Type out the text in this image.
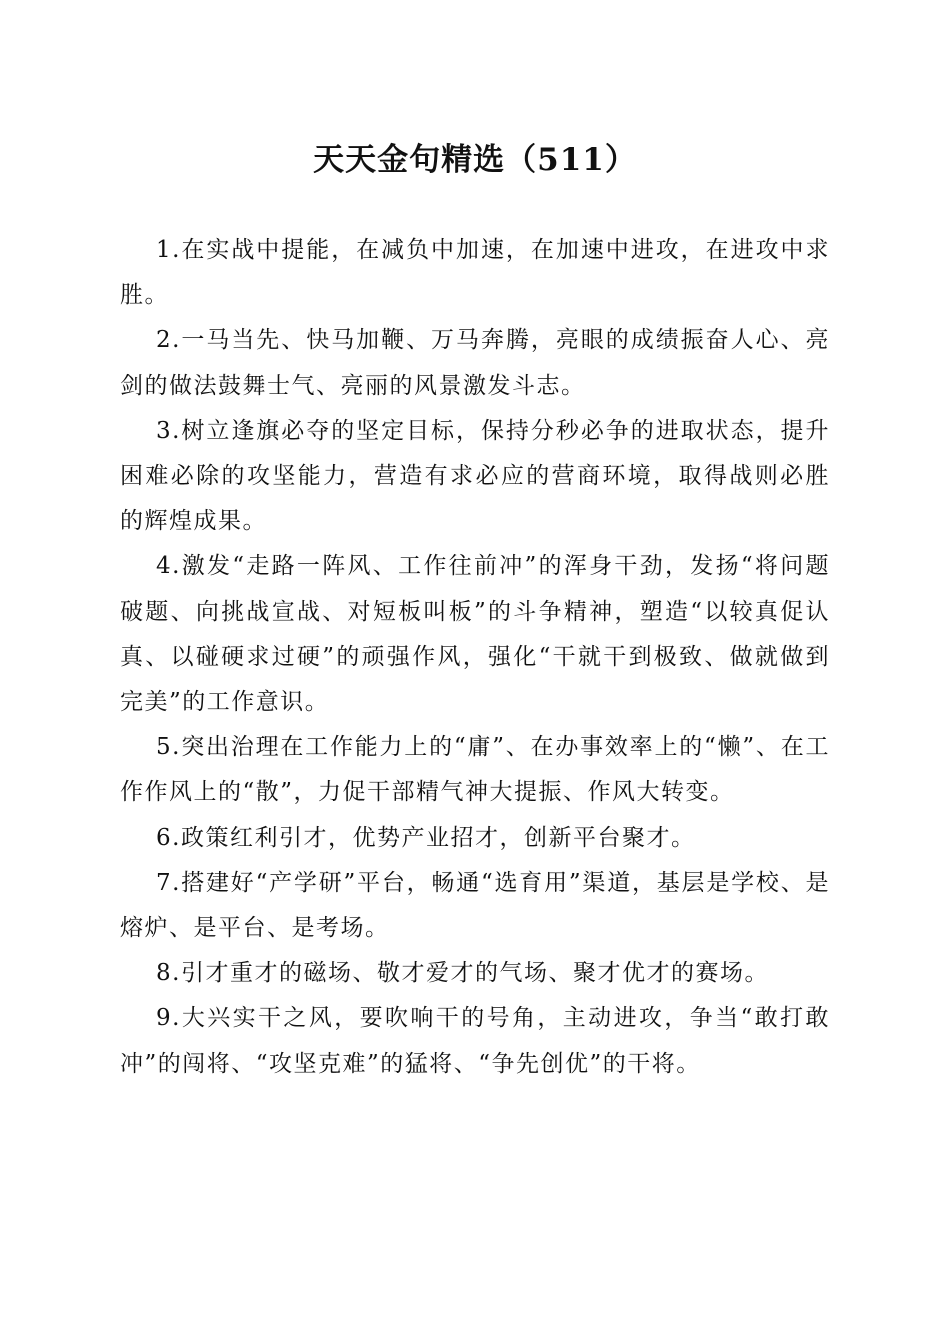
天天金句精选（511）

1.在实战中提能，在减负中加速，在加速中进攻，在进攻中求胜。

2.一马当先、快马加鞭、万马奔腾，亮眼的成绩振奋人心、亮剑的做法鼓舞士气、亮丽的风景激发斗志。

3.树立逢旗必夺的坚定目标，保持分秒必争的进取状态，提升困难必除的攻坚能力，营造有求必应的营商环境，取得战则必胜的辉煌成果。

4.激发“走路一阵风、工作往前冲”的浑身干劲，发扬“将问题破题、向挑战宣战、对短板叫板”的斗争精神，塑造“以较真促认真、以碰硬求过硬”的顽强作风，强化“干就干到极致、做就做到完美”的工作意识。

5.突出治理在工作能力上的“庸”、在办事效率上的“懒”、在工作作风上的“散”，力促干部精气神大提振、作风大转变。

6.政策红利引才，优势产业招才，创新平台聚才。

7.搭建好“产学研”平台，畅通“选育用”渠道，基层是学校、是熔炉、是平台、是考场。

8.引才重才的磁场、敬才爱才的气场、聚才优才的赛场。

9.大兴实干之风，要吹响干的号角，主动进攻，争当“敢打敢冲”的闯将、“攻坚克难”的猛将、“争先创优”的干将。
